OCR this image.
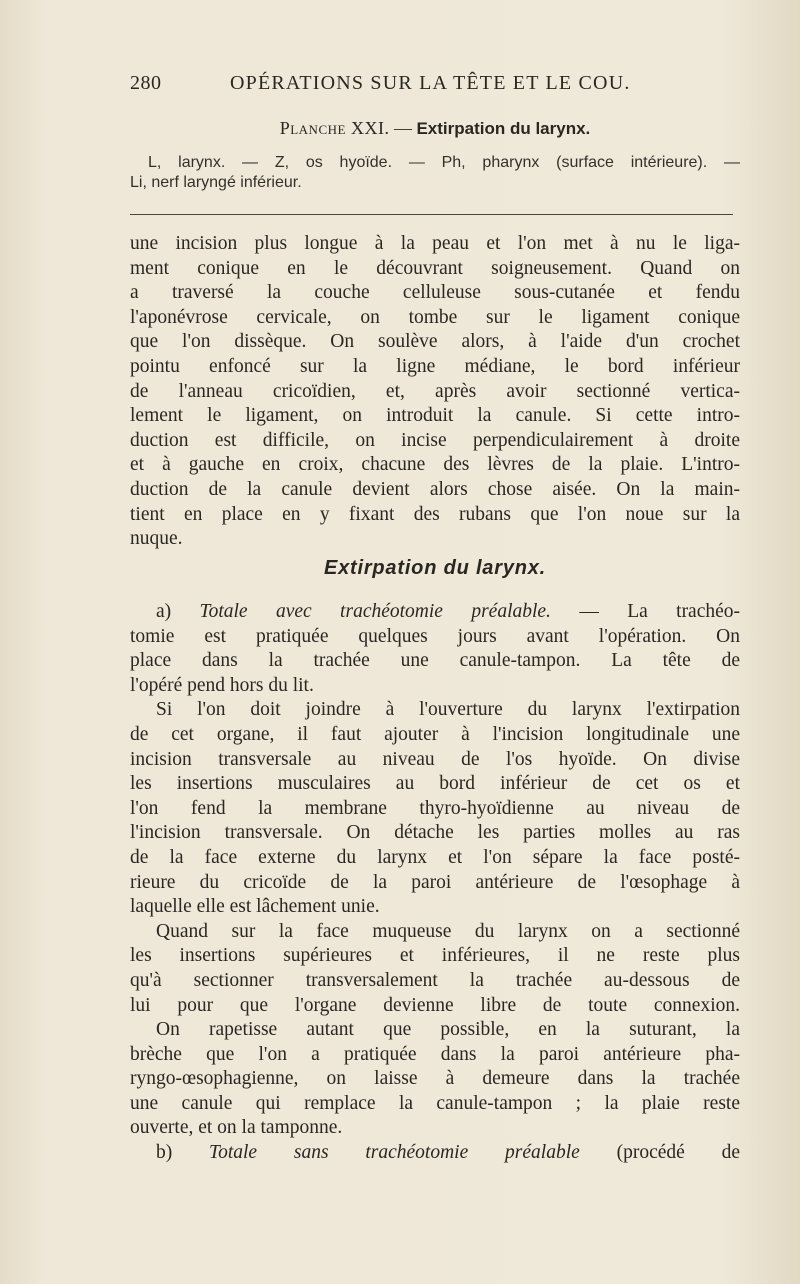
280	OPÉRATIONS SUR LA TÊTE ET LE COU.
Planche XXI. — Extirpation du larynx.
L, larynx. — Z, os hyoïde. — Ph, pharynx (surface intérieure). —
Li, nerf laryngé inférieur.
une incision plus longue à la peau et l'on met à nu le liga-
ment conique en le découvrant soigneusement. Quand on
a traversé la couche celluleuse sous-cutanée et fendu
l'aponévrose cervicale, on tombe sur le ligament conique
que l'on dissèque. On soulève alors, à l'aide d'un crochet
pointu enfoncé sur la ligne médiane, le bord inférieur
de l'anneau cricoïdien, et, après avoir sectionné vertica-
lement le ligament, on introduit la canule. Si cette intro-
duction est difficile, on incise perpendiculairement à droite
et à gauche en croix, chacune des lèvres de la plaie. L'intro-
duction de la canule devient alors chose aisée. On la main-
tient en place en y fixant des rubans que l'on noue sur la
nuque.
Extirpation du larynx.
a) Totale avec trachéotomie préalable. — La trachéo-
tomie est pratiquée quelques jours avant l'opération. On
place dans la trachée une canule-tampon. La tête de
l'opéré pend hors du lit.
Si l'on doit joindre à l'ouverture du larynx l'extirpation
de cet organe, il faut ajouter à l'incision longitudinale une
incision transversale au niveau de l'os hyoïde. On divise
les insertions musculaires au bord inférieur de cet os et
l'on fend la membrane thyro-hyoïdienne au niveau de
l'incision transversale. On détache les parties molles au ras
de la face externe du larynx et l'on sépare la face posté-
rieure du cricoïde de la paroi antérieure de l'œsophage à
laquelle elle est lâchement unie.
Quand sur la face muqueuse du larynx on a sectionné
les insertions supérieures et inférieures, il ne reste plus
qu'à sectionner transversalement la trachée au-dessous de
lui pour que l'organe devienne libre de toute connexion.
On rapetisse autant que possible, en la suturant, la
brèche que l'on a pratiquée dans la paroi antérieure pha-
ryngo-œsophagienne, on laisse à demeure dans la trachée
une canule qui remplace la canule-tampon ; la plaie reste
ouverte, et on la tamponne.
b) Totale sans trachéotomie préalable (procédé de
